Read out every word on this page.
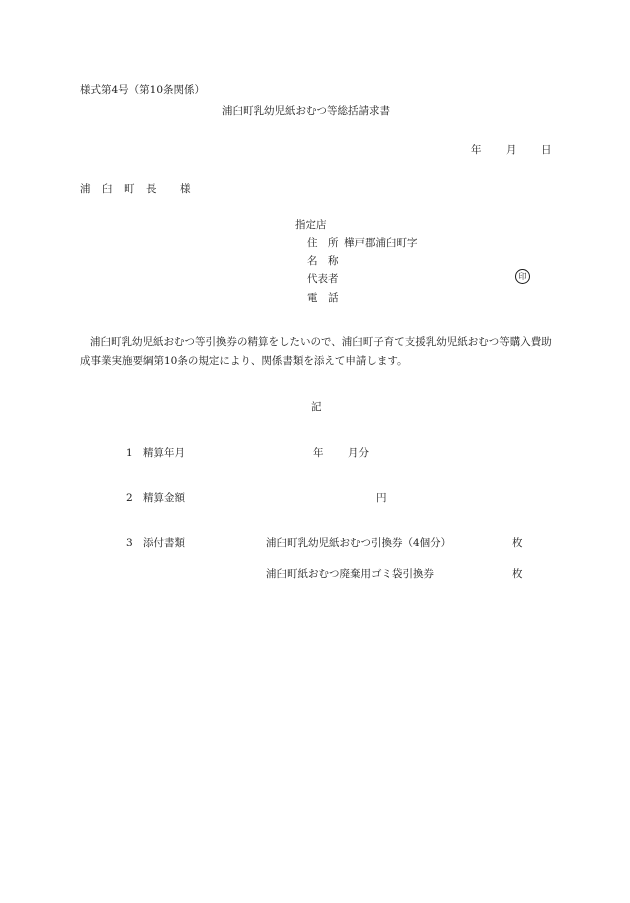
様式第4号（第10条関係）
浦臼町乳幼児紙おむつ等総括請求書
年 月 日
浦 臼 町 長 様
指定店
住　所 樺戸郡浦臼町字
名　称
代表者	印
電　話
浦臼町乳幼児紙おむつ等引換券の精算をしたいので、浦臼町子育て支援乳幼児紙おむつ等購入費助成事業実施要綱第10条の規定により、関係書類を添えて申請します。
記
1 精算年月	年 月分
2 精算金額	円
3 添付書類	浦臼町乳幼児紙おむつ引換券（4個分）	枚
浦臼町紙おむつ廃棄用ゴミ袋引換券	枚
